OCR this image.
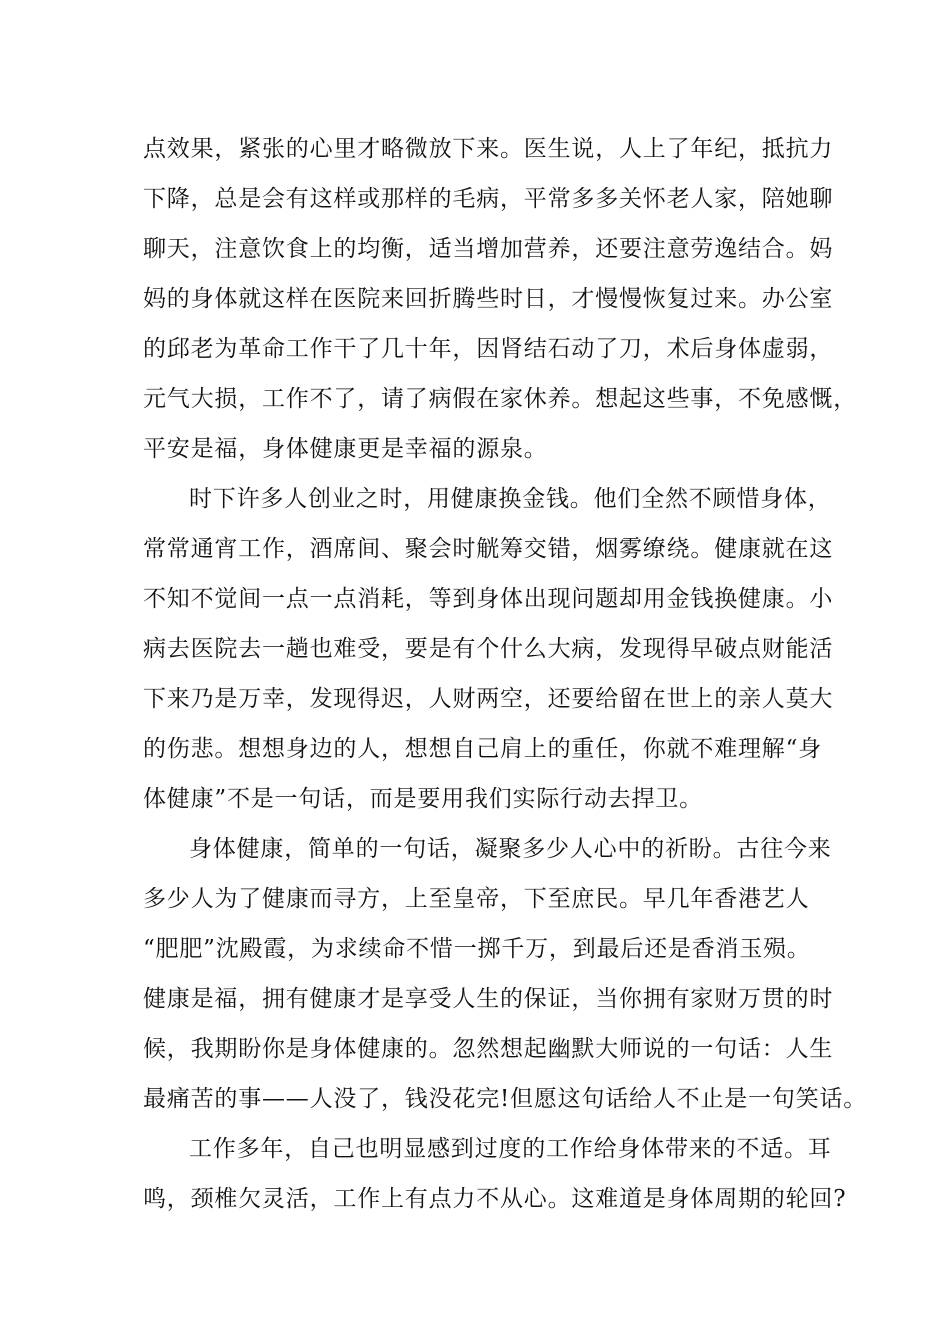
点效果，紧张的心里才略微放下来。医生说，人上了年纪，抵抗力
下降，总是会有这样或那样的毛病，平常多多关怀老人家，陪她聊
聊天，注意饮食上的均衡，适当增加营养，还要注意劳逸结合。妈
妈的身体就这样在医院来回折腾些时日，才慢慢恢复过来。办公室
的邱老为革命工作干了几十年，因肾结石动了刀，术后身体虚弱，
元气大损，工作不了，请了病假在家休养。想起这些事，不免感慨，
平安是福，身体健康更是幸福的源泉。
时下许多人创业之时，用健康换金钱。他们全然不顾惜身体，
常常通宵工作，酒席间、聚会时觥筹交错，烟雾缭绕。健康就在这
不知不觉间一点一点消耗，等到身体出现问题却用金钱换健康。小
病去医院去一趟也难受，要是有个什么大病，发现得早破点财能活
下来乃是万幸，发现得迟，人财两空，还要给留在世上的亲人莫大
的伤悲。想想身边的人，想想自己肩上的重任，你就不难理解“身
体健康”不是一句话，而是要用我们实际行动去捍卫。
身体健康，简单的一句话，凝聚多少人心中的祈盼。古往今来
多少人为了健康而寻方，上至皇帝，下至庶民。早几年香港艺人
“肥肥”沈殿霞，为求续命不惜一掷千万，到最后还是香消玉殒。
健康是福，拥有健康才是享受人生的保证，当你拥有家财万贯的时
候，我期盼你是身体健康的。忽然想起幽默大师说的一句话：人生
最痛苦的事——人没了，钱没花完!但愿这句话给人不止是一句笑话。
工作多年，自己也明显感到过度的工作给身体带来的不适。耳
鸣，颈椎欠灵活，工作上有点力不从心。这难道是身体周期的轮回?
